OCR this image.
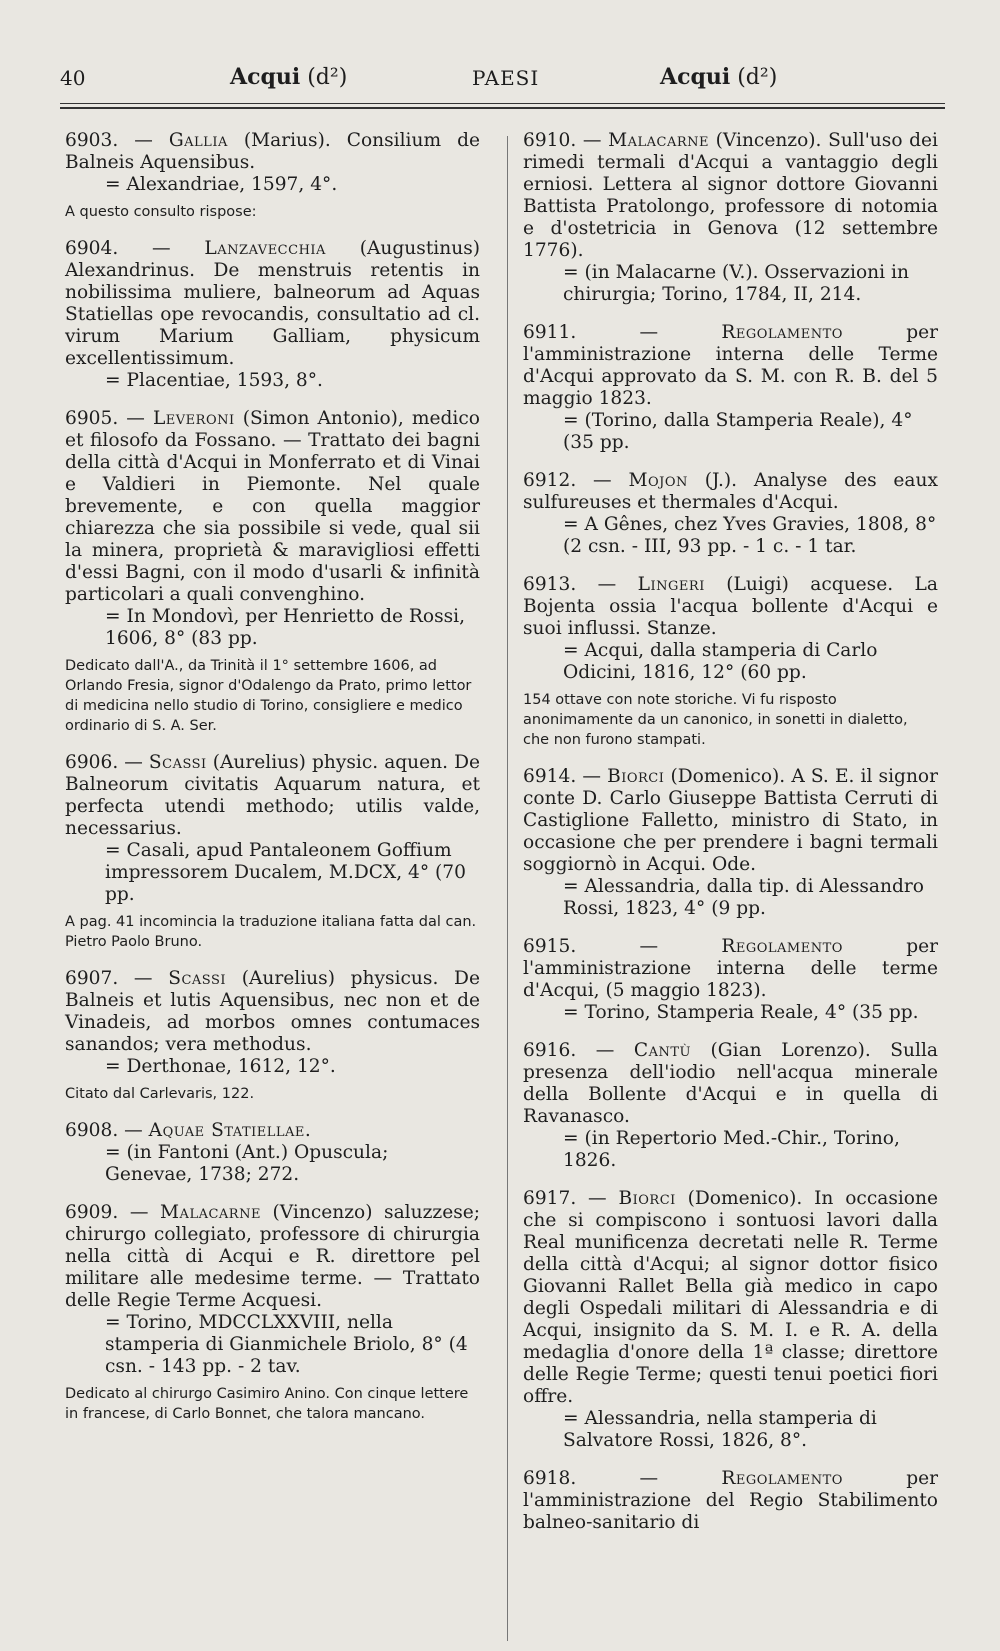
40	Acqui (d²)	PAESI	Acqui (d²)

6903. — Gallia (Marius). Consilium de Balneis Aquensibus.

= Alexandriae, 1597, 4°.

A questo consulto rispose:

6904. — Lanzavecchia (Augustinus) Alexandrinus. De menstruis retentis in nobilissima muliere, balneorum ad Aquas Statiellas ope revocandis, consultatio ad cl. virum Marium Galliam, physicum excellentissimum.

= Placentiae, 1593, 8°.

6905. — Leveroni (Simon Antonio), medico et filosofo da Fossano. — Trattato dei bagni della città d'Acqui in Monferrato et di Vinai e Valdieri in Piemonte. Nel quale brevemente, e con quella maggior chiarezza che sia possibile si vede, qual sii la minera, proprietà & maravigliosi effetti d'essi Bagni, con il modo d'usarli & infinità particolari a quali convenghino.

= In Mondovì, per Henrietto de Rossi, 1606, 8° (83 pp.

Dedicato dall'A., da Trinità il 1° settembre 1606, ad Orlando Fresia, signor d'Odalengo da Prato, primo lettor di medicina nello studio di Torino, consigliere e medico ordinario di S. A. Ser.

6906. — Scassi (Aurelius) physic. aquen. De Balneorum civitatis Aquarum natura, et perfecta utendi methodo; utilis valde, necessarius.

= Casali, apud Pantaleonem Goffium impressorem Ducalem, M.DCX, 4° (70 pp.

A pag. 41 incomincia la traduzione italiana fatta dal can. Pietro Paolo Bruno.

6907. — Scassi (Aurelius) physicus. De Balneis et lutis Aquensibus, nec non et de Vinadeis, ad morbos omnes contumaces sanandos; vera methodus.

= Derthonae, 1612, 12°.

Citato dal Carlevaris, 122.

6908. — Aquae Statiellae.

= (in Fantoni (Ant.) Opuscula; Genevae, 1738; 272.

6909. — Malacarne (Vincenzo) saluzzese; chirurgo collegiato, professore di chirurgia nella città di Acqui e R. direttore pel militare alle medesime terme. — Trattato delle Regie Terme Acquesi.

= Torino, MDCCLXXVIII, nella stamperia di Gianmichele Briolo, 8° (4 csn. - 143 pp. - 2 tav.

Dedicato al chirurgo Casimiro Anino. Con cinque lettere in francese, di Carlo Bonnet, che talora mancano.

6910. — Malacarne (Vincenzo). Sull'uso dei rimedi termali d'Acqui a vantaggio degli erniosi. Lettera al signor dottore Giovanni Battista Pratolongo, professore di notomia e d'ostetricia in Genova (12 settembre 1776).

= (in Malacarne (V.). Osservazioni in chirurgia; Torino, 1784, II, 214.

6911. —	Regolamento	per l'amministrazione interna delle Terme d'Acqui approvato da S. M. con R. B. del 5 maggio 1823.

= (Torino, dalla Stamperia Reale), 4° (35 pp.

6912. — Mojon (J.). Analyse des eaux sulfureuses et thermales d'Acqui.

= A Gênes, chez Yves Gravies, 1808, 8° (2 csn. - III, 93 pp. - 1 c. - 1 tar.

6913. — Lingeri (Luigi) acquese. La Bojenta ossia l'acqua bollente d'Acqui e suoi influssi. Stanze.

= Acqui, dalla stamperia di Carlo Odicini, 1816, 12° (60 pp.

154 ottave con note storiche. Vi fu risposto anonimamente da un canonico, in sonetti in dialetto, che non furono stampati.

6914. — Biorci (Domenico). A S. E. il signor conte D. Carlo Giuseppe Battista Cerruti di Castiglione Falletto, ministro di Stato, in occasione che per prendere i bagni termali soggiornò in Acqui. Ode.

= Alessandria, dalla tip. di Alessandro Rossi, 1823, 4° (9 pp.

6915. —	Regolamento	per l'amministrazione interna delle terme d'Acqui, (5 maggio 1823).

= Torino, Stamperia Reale, 4° (35 pp.

6916. — Cantù (Gian Lorenzo). Sulla presenza dell'iodio nell'acqua minerale della Bollente d'Acqui e in quella di Ravanasco.

= (in Repertorio Med.-Chir., Torino, 1826.

6917. — Biorci (Domenico). In occasione che si compiscono i sontuosi lavori dalla Real munificenza decretati nelle R. Terme della città d'Acqui; al signor dottor fisico Giovanni Rallet Bella già medico in capo degli Ospedali militari di Alessandria e di Acqui, insignito da S. M. I. e R. A. della medaglia d'onore della 1ª classe; direttore delle Regie Terme; questi tenui poetici fiori offre.

= Alessandria, nella stamperia di Salvatore Rossi, 1826, 8°.

6918. —	Regolamento	per l'amministrazione del Regio Stabilimento balneo-sanitario di
